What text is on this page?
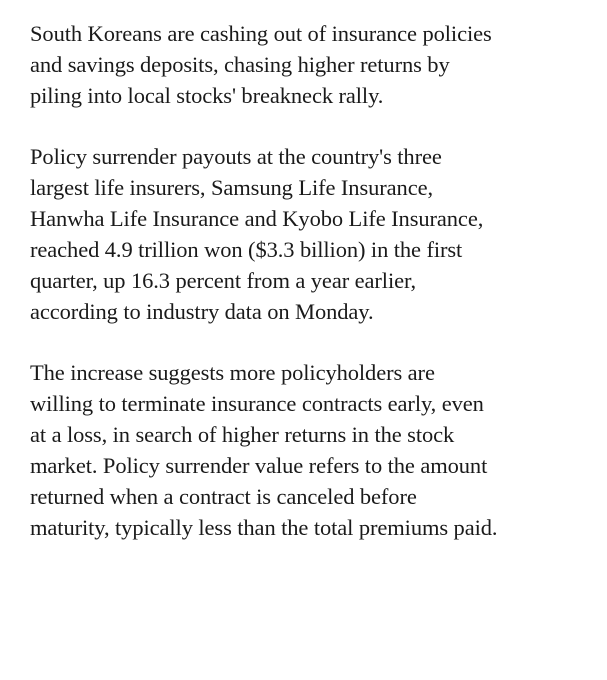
South Koreans are cashing out of insurance policies
and savings deposits, chasing higher returns by
piling into local stocks' breakneck rally.

Policy surrender payouts at the country's three
largest life insurers, Samsung Life Insurance,
Hanwha Life Insurance and Kyobo Life Insurance,
reached 4.9 trillion won ($3.3 billion) in the first
quarter, up 16.3 percent from a year earlier,
according to industry data on Monday.

The increase suggests more policyholders are
willing to terminate insurance contracts early, even
at a loss, in search of higher returns in the stock
market. Policy surrender value refers to the amount
returned when a contract is canceled before
maturity, typically less than the total premiums paid.
